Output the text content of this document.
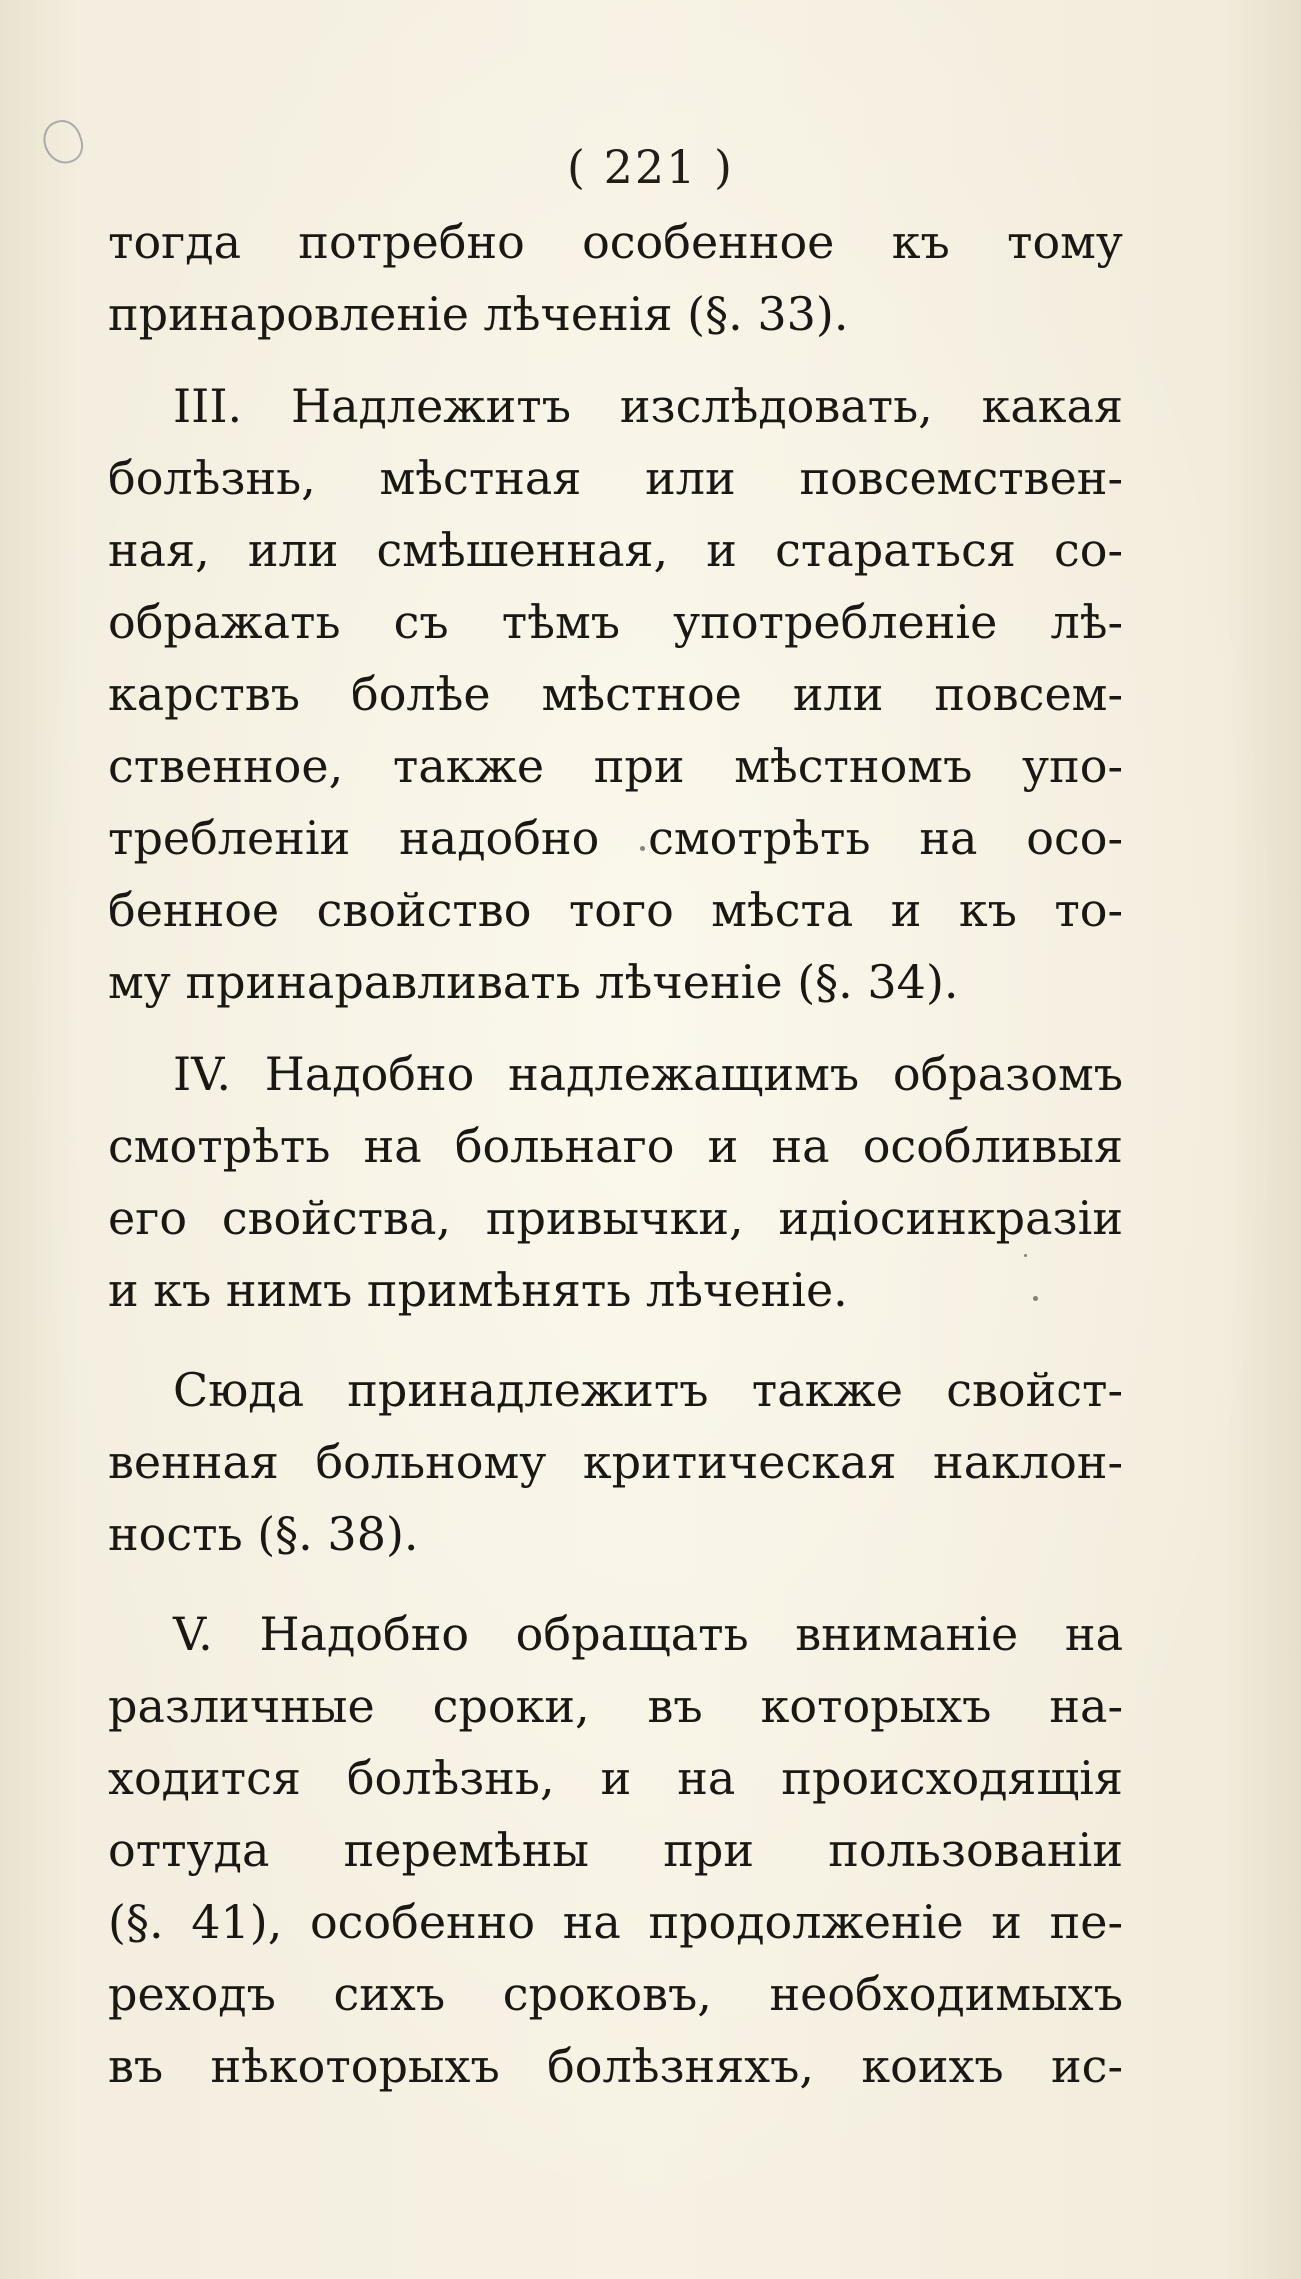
( 221 )
тогда потребно особенное къ тому
принаровленіе лѣченія (§. 33).
III. Надлежитъ изслѣдовать, какая
болѣзнь, мѣстная или повсемствен-
ная, или смѣшенная, и стараться со-
ображать съ тѣмъ употребленіе лѣ-
карствъ болѣе мѣстное или повсем-
ственное, также при мѣстномъ упо-
требленіи надобно смотрѣть на осо-
бенное свойство того мѣста и къ то-
му принаравливать лѣченіе (§. 34).
IV. Надобно надлежащимъ образомъ
смотрѣть на больнаго и на особливыя
его свойства, привычки, идіосинкразіи
и къ нимъ примѣнять лѣченіе.
Сюда принадлежитъ также свойст-
венная больному критическая наклон-
ность (§. 38).
V. Надобно обращать вниманіе на
различные сроки, въ которыхъ на-
ходится болѣзнь, и на происходящія
оттуда перемѣны при пользованіи
(§. 41), особенно на продолженіе и пе-
реходъ сихъ сроковъ, необходимыхъ
въ нѣкоторыхъ болѣзняхъ, коихъ ис-
